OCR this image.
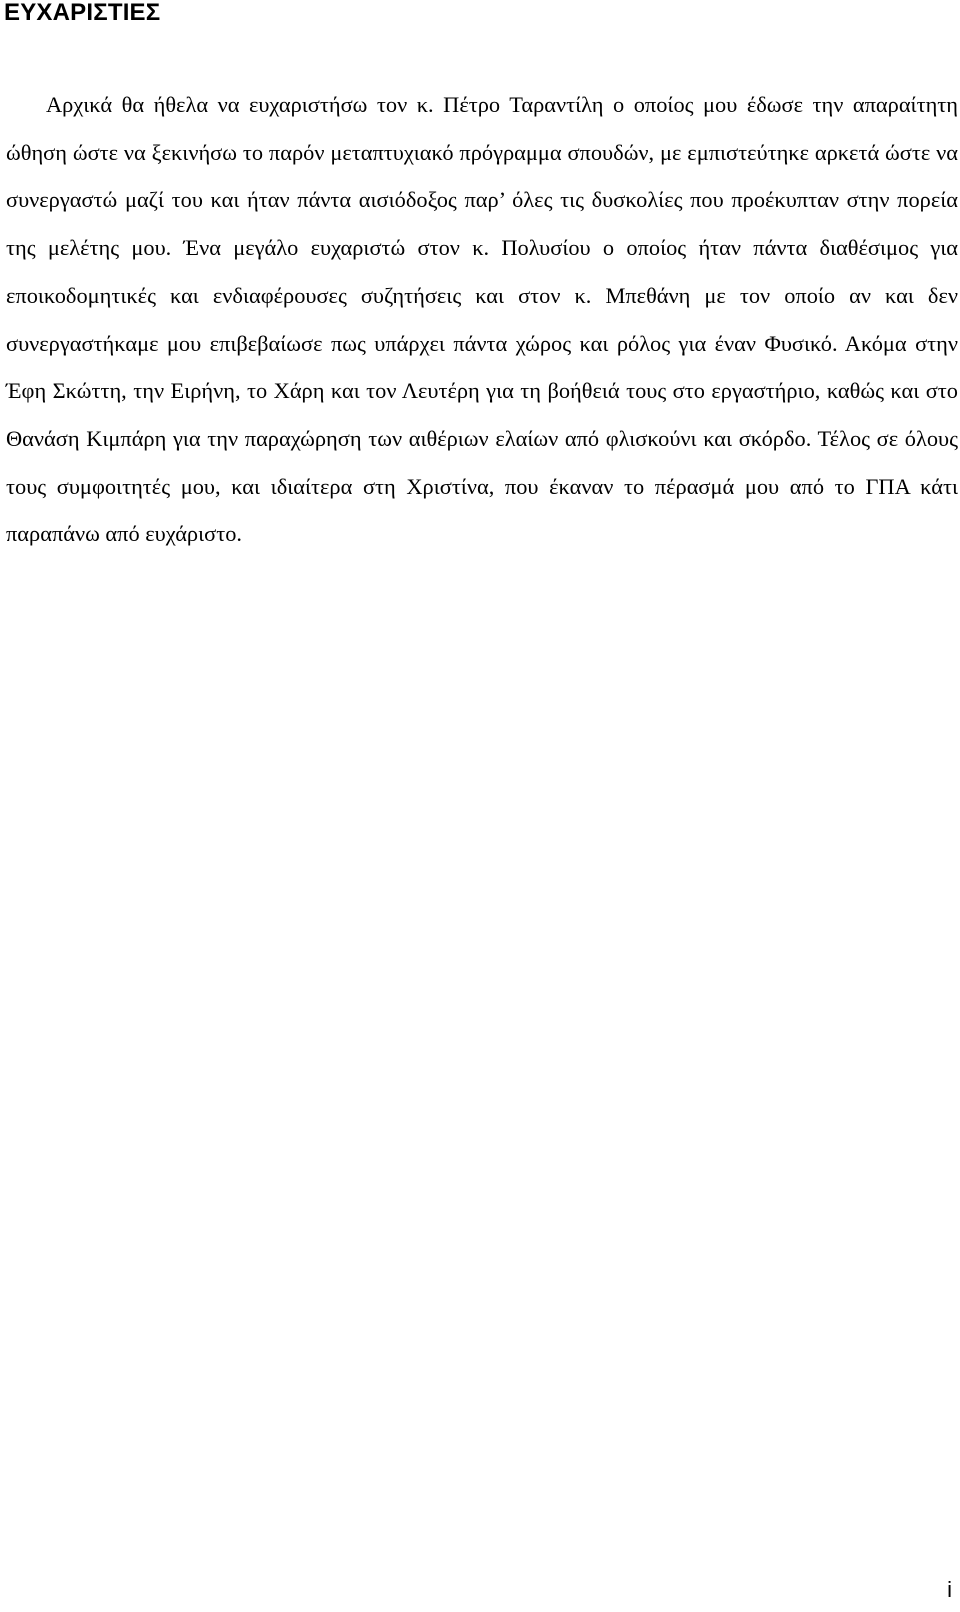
ΕΥΧΑΡΙΣΤΙΕΣ

Αρχικά θα ήθελα να ευχαριστήσω τον κ. Πέτρο Ταραντίλη ο οποίος μου έδωσε την απαραίτητη ώθηση ώστε να ξεκινήσω το παρόν μεταπτυχιακό πρόγραμμα σπουδών, με εμπιστεύτηκε αρκετά ώστε να συνεργαστώ μαζί του και ήταν πάντα αισιόδοξος παρ’ όλες τις δυσκολίες που προέκυπταν στην πορεία της μελέτης μου. Ένα μεγάλο ευχαριστώ στον κ. Πολυσίου ο οποίος ήταν πάντα διαθέσιμος για εποικοδομητικές και ενδιαφέρουσες συζητήσεις και στον κ. Μπεθάνη με τον οποίο αν και δεν συνεργαστήκαμε μου επιβεβαίωσε πως υπάρχει πάντα χώρος και ρόλος για έναν Φυσικό. Ακόμα στην Έφη Σκώττη, την Ειρήνη, το Χάρη και τον Λευτέρη για τη βοήθειά τους στο εργαστήριο, καθώς και στο Θανάση Κιμπάρη για την παραχώρηση των αιθέριων ελαίων από φλισκούνι και σκόρδο. Τέλος σε όλους τους συμφοιτητές μου, και ιδιαίτερα στη Χριστίνα, που έκαναν το πέρασμά μου από το ΓΠΑ κάτι παραπάνω από ευχάριστο.

i
